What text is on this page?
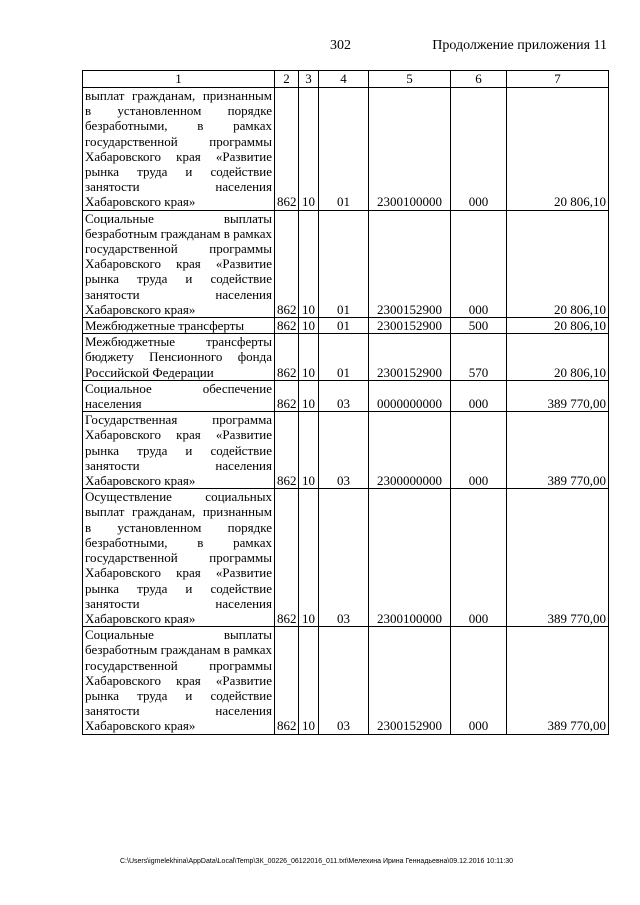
302	Продолжение приложения 11
1	2	3	4	5	6	7
выплат гражданам, признанным в установленном порядке безработными, в рамках государственной программы Хабаровского края «Развитие рынка труда и содействие занятости населения Хабаровского края»	862	10	01	2300100000	000	20 806,10
Социальные выплаты безработным гражданам в рамках государственной программы Хабаровского края «Развитие рынка труда и содействие занятости населения Хабаровского края»	862	10	01	2300152900	000	20 806,10
Межбюджетные трансферты	862	10	01	2300152900	500	20 806,10
Межбюджетные трансферты бюджету Пенсионного фонда Российской Федерации	862	10	01	2300152900	570	20 806,10
Социальное обеспечение населения	862	10	03	0000000000	000	389 770,00
Государственная программа Хабаровского края «Развитие рынка труда и содействие занятости населения Хабаровского края»	862	10	03	2300000000	000	389 770,00
Осуществление социальных выплат гражданам, признанным в установленном порядке безработными, в рамках государственной программы Хабаровского края «Развитие рынка труда и содействие занятости населения Хабаровского края»	862	10	03	2300100000	000	389 770,00
Социальные выплаты безработным гражданам в рамках государственной программы Хабаровского края «Развитие рынка труда и содействие занятости населения Хабаровского края»	862	10	03	2300152900	000	389 770,00
C:\Users\igmelekhina\AppData\Local\Temp\ЗК_00226_06122016_011.txt\Мелехина Ирина Геннадьевна\09.12.2016 10:11:30
